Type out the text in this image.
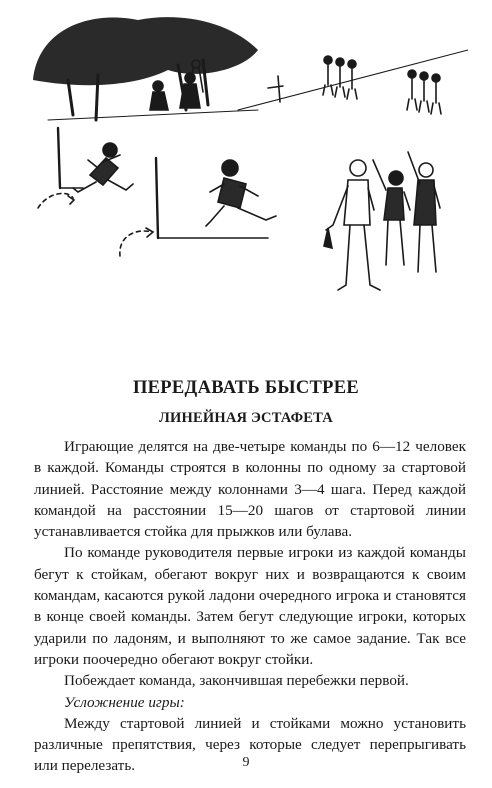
ПЕРЕДАВАТЬ БЫСТРЕЕ
ЛИНЕЙНАЯ ЭСТАФЕТА

Играющие делятся на две-четыре команды по 6—12 человек в каждой. Команды строятся в колонны по одному за стартовой линией. Расстояние между колоннами 3—4 шага. Перед каждой командой на расстоянии 15—20 шагов от стартовой линии устанавливается стойка для прыжков или булава.

По команде руководителя первые игроки из каждой команды бегут к стойкам, обегают вокруг них и возвращаются к своим командам, касаются рукой ладони очередного игрока и становятся в конце своей команды. Затем бегут следующие игроки, которых ударили по ладоням, и выполняют то же самое задание. Так все игроки поочередно обегают вокруг стойки.

Побеждает команда, закончившая перебежки первой.

Усложнение игры:

Между стартовой линией и стойками можно установить различные препятствия, через которые следует перепрыгивать или перелезать.	9
